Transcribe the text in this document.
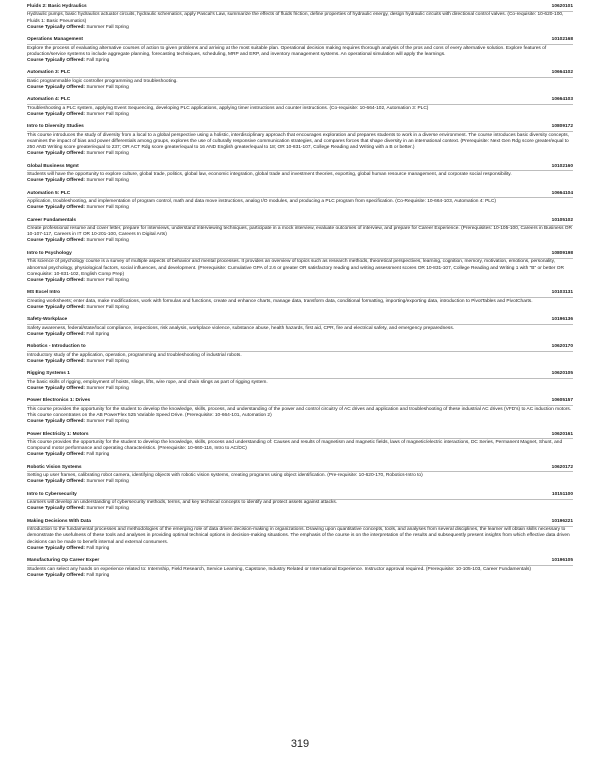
Fluids 2: Basic Hydraulics	10620101

Hydraulic pumps, basic hydraulics actuator circuits, hydraulic schematics, apply Pascal's Law, summarize the effects of fluids friction, define properties of hydraulic energy, design hydraulic circuits with directional control valves. (Co-requisite: 10-620-100, Fluids 1: Basic Pneumatics)

Course Typically Offered: Summer Fall Spring
Operations Management	10102168

Explore the process of evaluating alternative courses of action to given problems and arriving at the most suitable plan. Operational decision making requires thorough analysis of the pros and cons of every alternative solution. Explore features of production/service systems to include aggregate planning, forecasting techniques, scheduling, MRP and ERP, and inventory management systems. An operational simulation will apply the learnings.

Course Typically Offered: Fall Spring
Automation 3: PLC	10664102

Basic programmable logic controller programming and troubleshooting.

Course Typically Offered: Summer Fall Spring
Automation 4: PLC	10664103

Troubleshooting a PLC system, applying Event Sequencing, developing PLC applications, applying timer instructions and counter instructions. (Co-requisite: 10-664-102, Automation 3: PLC)

Course Typically Offered: Summer Fall Spring
Intro to Diversity Studies	10809172

This course introduces the study of diversity from a local to a global perspective using a holistic, interdisciplinary approach that encourages exploration and prepares students to work in a diverse environment. The course introduces basic diversity concepts, examines the impact of bias and power differentials among groups, explores the use of culturally responsive communication strategies, and compares forces that shape diversity in an international context. (Prerequisite: Next Gen Rdg score greater/equal to 250 AND Writing score greater/equal to 237; OR ACT Rdg score greater/equal to 16 AND English greater/equal to 18; OR 10-831-107, College Reading and Writing with a B or better.)

Course Typically Offered: Summer Fall Spring
Global Business Mgmt	10102160

Students will have the opportunity to explore culture, global trade, politics, global law, economic integration, global trade and investment theories, exporting, global human resource management, and corporate social responsibility.

Course Typically Offered: Summer Fall Spring
Automation 5: PLC	10664104

Application, troubleshooting, and implementation of program control, math and data move instructions, analog I/O modules, and producing a PLC program from specification. (Co-Requisite: 10-664-103, Automation 4: PLC)

Course Typically Offered: Summer Fall Spring
Career Fundamentals	10105102

Create professional resume and cover letter, prepare for interviews, understand interviewing techniques, participate in a mock interview, evaluate outcomes of interview, and prepare for Career Experience. (Prerequisites: 10-105-100, Careers in Business OR 10-107-117, Careers in IT OR 10-201-100, Careers In Digital Arts)

Course Typically Offered: Summer Fall Spring
Intro to Psychology	10809198

This science of psychology course is a survey of multiple aspects of behavior and mental processes. It provides an overview of topics such as research methods, theoretical perspectives, learning, cognition, memory, motivation, emotions, personality, abnormal psychology, physiological factors, social influences, and development. (Prerequisite: Cumulative GPA of 2.6 or greater OR satisfactory reading and writing assessment scores OR 10-831-107, College Reading and Writing 1 with "B" or better OR Corequisite: 10-831-102, English Comp Prep)

Course Typically Offered: Summer Fall Spring
MS Excel Intro	10103131

Creating worksheets; enter data, make modifications, work with formulas and functions, create and enhance charts, manage data, transform data, conditional formatting, importing/exporting data, introduction to PivotTables and PivotCharts.

Course Typically Offered: Summer Fall Spring
Safety-Workplace	10196136

Safety awareness, federal/state/local compliance, inspections, risk analysis, workplace violence, substance abuse, health hazards, first aid, CPR, fire and electrical safety, and emergency preparedness.

Course Typically Offered: Fall Spring
Robotics - Introduction to	10620170

Introductory study of the application, operation, programming and troubleshooting of industrial robots.

Course Typically Offered: Summer Fall Spring
Rigging Systems 1	10620105

The basic skills of rigging, employment of hoists, slings, lifts, wire rope, and chain slings as part of rigging system.

Course Typically Offered: Summer Fall Spring
Power Electronics 1: Drives	10605157

This course provides the opportunity for the student to develop the knowledge, skills, process, and understanding of the power and control circuitry of AC drives and application and troubleshooting of these industrial AC drives (VFD's) to AC induction motors. This course concentrates on the AB PowerFlex 525 Variable Speed Drive. (Prerequisite: 10-664-101, Automation 2)

Course Typically Offered: Summer Fall Spring
Power Electricity 1: Motors	10620161

This course provides the opportunity for the student to develop the knowledge, skills, process and understanding of: Causes and results of magnetism and magnetic fields, laws of magnetic/electric interactions, DC Series, Permanent Magnet, Shunt, and Compound motor performance and operating characteristics. (Prerequisite: 10-660-116, Intro to AC/DC)

Course Typically Offered: Fall Spring
Robotic Vision Systems	10620172

Setting up user frames, calibrating robot camera, identifying objects with robotic vision systems, creating programs using object identification. (Pre-requisite: 10-620-170, Robotics-Intro to)

Course Typically Offered: Summer Fall Spring
Intro to Cybersecurity	10151100

Learners will develop an understanding of cybersecurity methods, terms, and key technical concepts to identify and protect assets against attacks.

Course Typically Offered: Summer Fall Spring
Making Decisions With Data	10196221

Introduction to the fundamental processes and methodologies of the emerging role of data driven decision-making in organizations. Drawing upon quantitative concepts, tools, and analyses from several disciplines, the learner will obtain skills necessary to demonstrate the usefulness of these tools and analyses in providing optimal technical options in decision-making situations. The emphasis of the course is on the interpretation of the results and subsequently present insights from which effective data driven decisions can be made to benefit internal and external consumers.

Course Typically Offered: Fall Spring
Manufacturing Op Career Exper	10196105

Students can select any hands on experience related to: Internship, Field Research, Service Learning, Capstone, Industry Related or International Experience. Instructor approval required. (Prerequisite: 10-105-103, Career Fundamentals)

Course Typically Offered: Fall Spring
319
